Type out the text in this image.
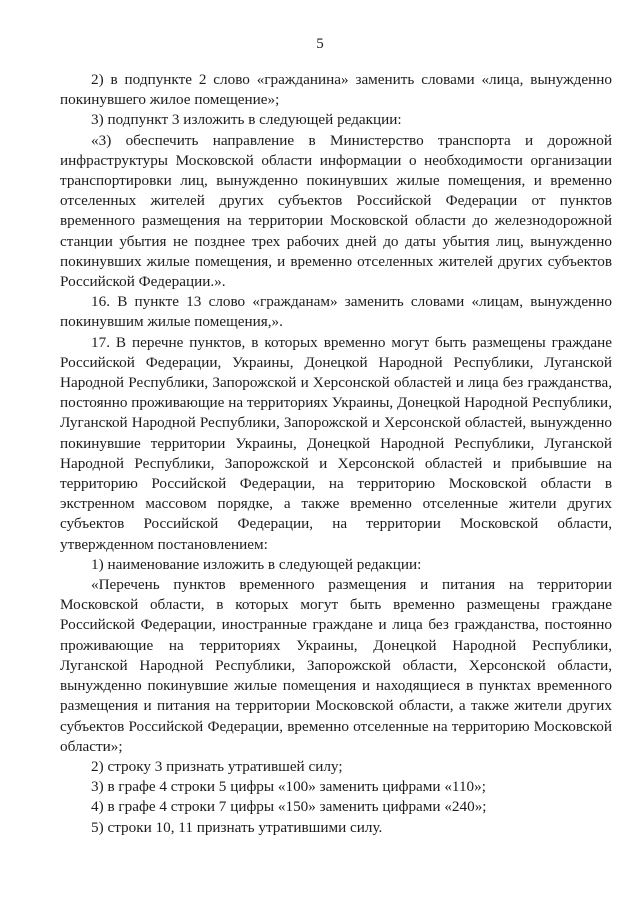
5

2) в подпункте 2 слово «гражданина» заменить словами «лица, вынужденно покинувшего жилое помещение»;

3) подпункт 3 изложить в следующей редакции:

«3) обеспечить направление в Министерство транспорта и дорожной инфраструктуры Московской области информации о необходимости организации транспортировки лиц, вынужденно покинувших жилые помещения, и временно отселенных жителей других субъектов Российской Федерации от пунктов временного размещения на территории Московской области до железнодорожной станции убытия не позднее трех рабочих дней до даты убытия лиц, вынужденно покинувших жилые помещения, и временно отселенных жителей других субъектов Российской Федерации.».

16. В пункте 13 слово «гражданам» заменить словами «лицам, вынужденно покинувшим жилые помещения,».

17. В перечне пунктов, в которых временно могут быть размещены граждане Российской Федерации, Украины, Донецкой Народной Республики, Луганской Народной Республики, Запорожской и Херсонской областей и лица без гражданства, постоянно проживающие на территориях Украины, Донецкой Народной Республики, Луганской Народной Республики, Запорожской и Херсонской областей, вынужденно покинувшие территории Украины, Донецкой Народной Республики, Луганской Народной Республики, Запорожской и Херсонской областей и прибывшие на территорию Российской Федерации, на территорию Московской области в экстренном массовом порядке, а также временно отселенные жители других субъектов Российской Федерации, на территории Московской области, утвержденном постановлением:

1) наименование изложить в следующей редакции:

«Перечень пунктов временного размещения и питания на территории Московской области, в которых могут быть временно размещены граждане Российской Федерации, иностранные граждане и лица без гражданства, постоянно проживающие на территориях Украины, Донецкой Народной Республики, Луганской Народной Республики, Запорожской области, Херсонской области, вынужденно покинувшие жилые помещения и находящиеся в пунктах временного размещения и питания на территории Московской области, а также жители других субъектов Российской Федерации, временно отселенные на территорию Московской области»;

2) строку 3 признать утратившей силу;

3) в графе 4 строки 5 цифры «100» заменить цифрами «110»;

4) в графе 4 строки 7 цифры «150» заменить цифрами «240»;

5) строки 10, 11 признать утратившими силу.
